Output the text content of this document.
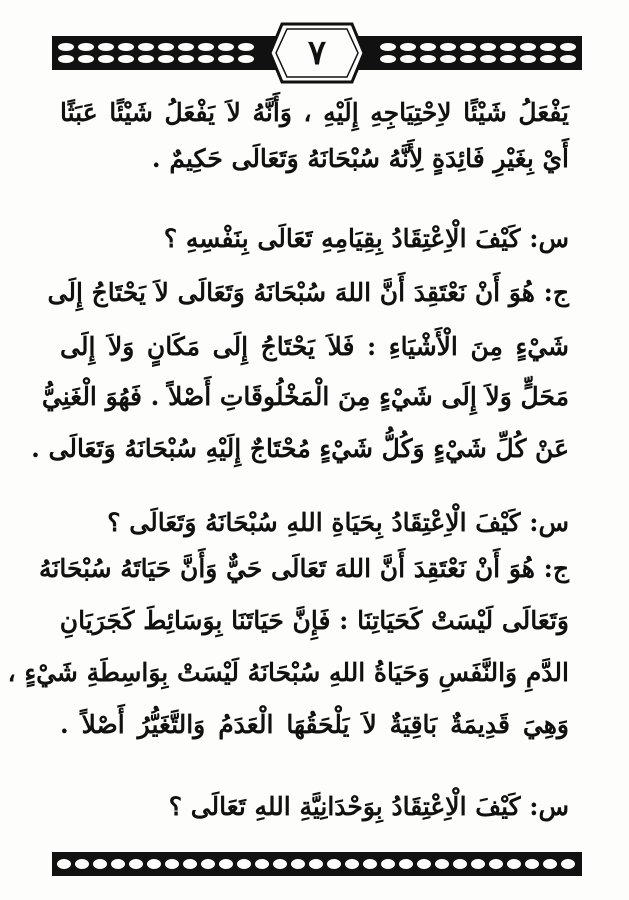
٧
يَفْعَلُ شَيْئًا لاِحْتِيَاجِهِ إِلَيْهِ ، وَأَنَّهُ لاَ يَفْعَلُ شَيْئًا عَبَثًا
أَيْ بِغَيْرِ فَائِدَةٍ لِأَنَّهُ سُبْحَانَهُ وَتَعَالَى حَكِيمٌ .
س: كَيْفَ الْاِعْتِقَادُ بِقِيَامِهِ تَعَالَى بِنَفْسِهِ ؟
ج: هُوَ أَنْ نَعْتَقِدَ أَنَّ اللهَ سُبْحَانَهُ وَتَعَالَى لاَ يَحْتَاجُ إِلَى
شَيْءٍ مِنَ الْأَشْيَاءِ : فَلاَ يَحْتَاجُ إِلَى مَكَانٍ وَلاَ إِلَى
مَحَلٍّ وَلاَ إِلَى شَيْءٍ مِنَ الْمَخْلُوقَاتِ أَصْلاً . فَهُوَ الْغَنِيُّ
عَنْ كُلِّ شَيْءٍ وَكُلُّ شَيْءٍ مُحْتَاجٌ إِلَيْهِ سُبْحَانَهُ وَتَعَالَى .
س: كَيْفَ الْاِعْتِقَادُ بِحَيَاةِ اللهِ سُبْحَانَهُ وَتَعَالَى ؟
ج: هُوَ أَنْ نَعْتَقِدَ أَنَّ اللهَ تَعَالَى حَيٌّ وَأَنَّ حَيَاتَهُ سُبْحَانَهُ
وَتَعَالَى لَيْسَتْ كَحَيَاتِنَا : فَإِنَّ حَيَاتَنَا بِوَسَائِطَ كَجَرَيَانِ
الدَّمِ وَالنَّفَسِ وَحَيَاةُ اللهِ سُبْحَانَهُ لَيْسَتْ بِوَاسِطَةِ شَيْءٍ ،
وَهِيَ قَدِيمَةٌ بَاقِيَةٌ لاَ يَلْحَقُهَا الْعَدَمُ وَالتَّغَيُّرُ أَصْلاً .
س: كَيْفَ الْاِعْتِقَادُ بِوَحْدَانِيَّةِ اللهِ تَعَالَى ؟
